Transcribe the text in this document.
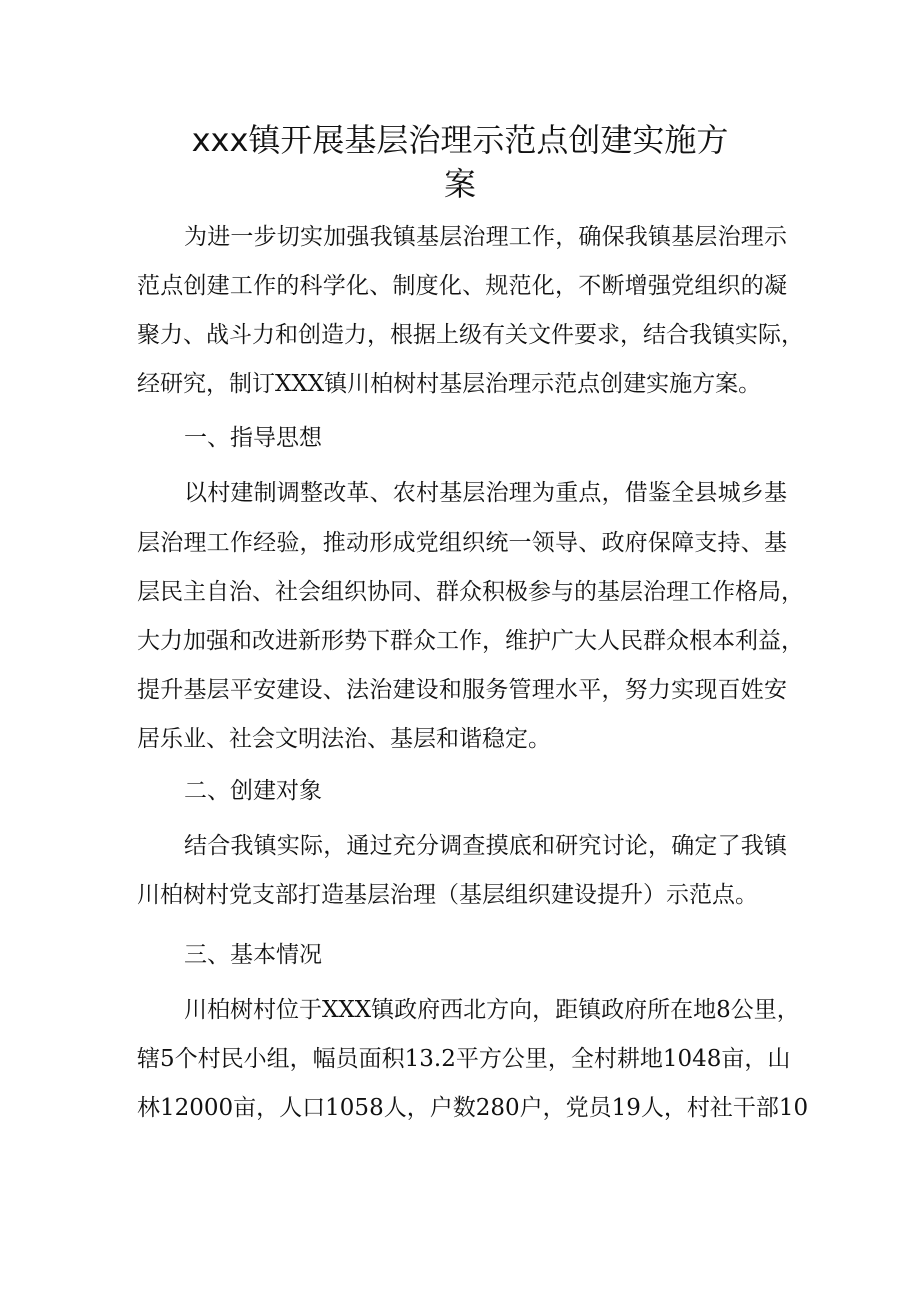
xxx镇开展基层治理示范点创建实施方
案

为进一步切实加强我镇基层治理工作，确保我镇基层治理示

范点创建工作的科学化、制度化、规范化，不断增强党组织的凝

聚力、战斗力和创造力，根据上级有关文件要求，结合我镇实际，

经研究，制订XXX镇川柏树村基层治理示范点创建实施方案。

一、指导思想

以村建制调整改革、农村基层治理为重点，借鉴全县城乡基

层治理工作经验，推动形成党组织统一领导、政府保障支持、基

层民主自治、社会组织协同、群众积极参与的基层治理工作格局，

大力加强和改进新形势下群众工作，维护广大人民群众根本利益，

提升基层平安建设、法治建设和服务管理水平，努力实现百姓安

居乐业、社会文明法治、基层和谐稳定。

二、创建对象

结合我镇实际，通过充分调查摸底和研究讨论，确定了我镇

川柏树村党支部打造基层治理（基层组织建设提升）示范点。

三、基本情况

川柏树村位于XXX镇政府西北方向，距镇政府所在地8公里，

辖5个村民小组，幅员面积13.2平方公里，全村耕地1048亩，山

林12000亩，人口1058人，户数280户，党员19人，村社干部10
